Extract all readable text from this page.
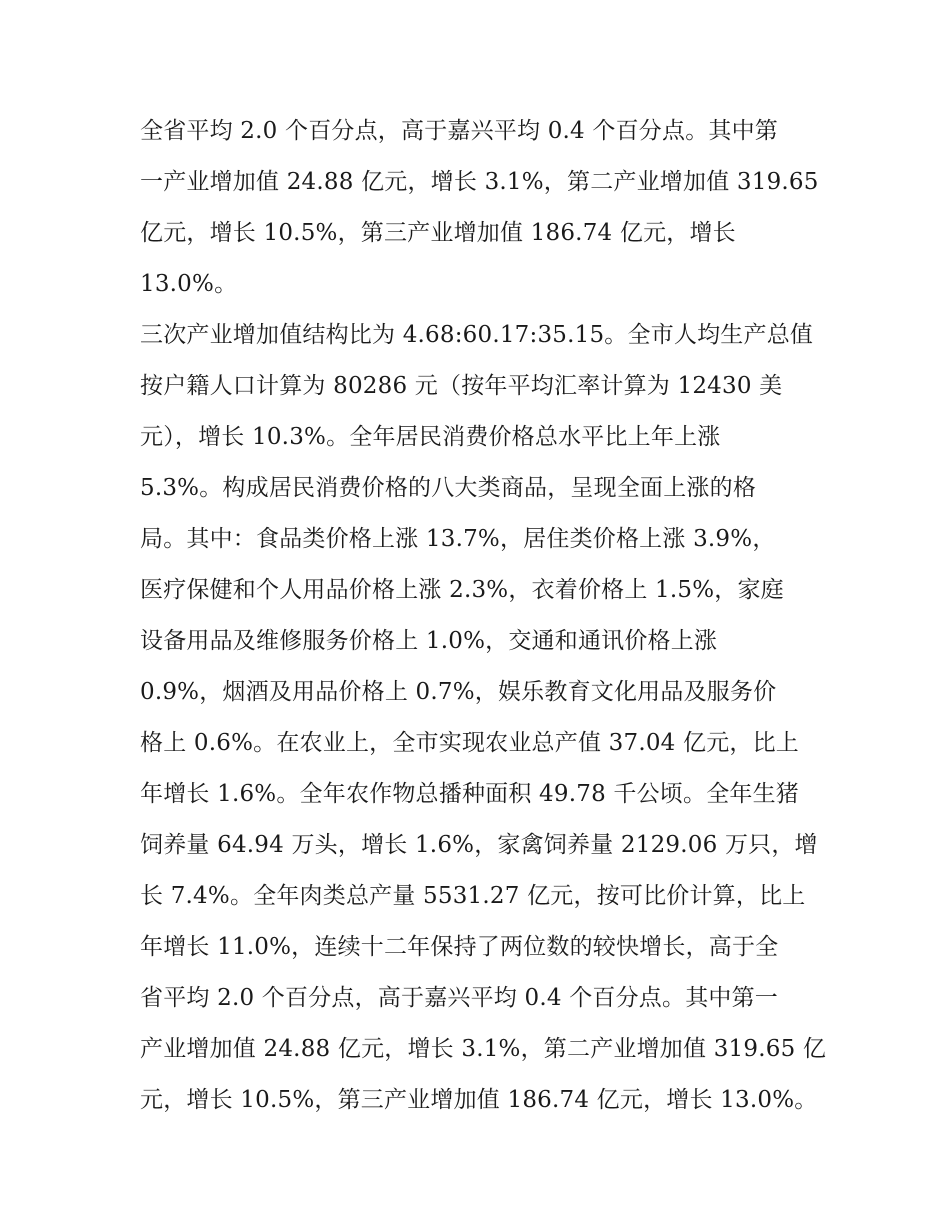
全省平均 2.0 个百分点，高于嘉兴平均 0.4 个百分点。其中第
一产业增加值 24.88 亿元，增长 3.1%，第二产业增加值 319.65
亿元，增长 10.5%，第三产业增加值 186.74 亿元，增长
13.0%。
三次产业增加值结构比为 4.68:60.17:35.15。全市人均生产总值
按户籍人口计算为 80286 元（按年平均汇率计算为 12430 美
元），增长 10.3%。全年居民消费价格总水平比上年上涨
5.3%。构成居民消费价格的八大类商品，呈现全面上涨的格
局。其中：食品类价格上涨 13.7%，居住类价格上涨 3.9%，
医疗保健和个人用品价格上涨 2.3%，衣着价格上 1.5%，家庭
设备用品及维修服务价格上 1.0%，交通和通讯价格上涨
0.9%，烟酒及用品价格上 0.7%，娱乐教育文化用品及服务价
格上 0.6%。在农业上，全市实现农业总产值 37.04 亿元，比上
年增长 1.6%。全年农作物总播种面积 49.78 千公顷。全年生猪
饲养量 64.94 万头，增长 1.6%，家禽饲养量 2129.06 万只，增
长 7.4%。全年肉类总产量 5531.27 亿元，按可比价计算，比上
年增长 11.0%，连续十二年保持了两位数的较快增长，高于全
省平均 2.0 个百分点，高于嘉兴平均 0.4 个百分点。其中第一
产业增加值 24.88 亿元，增长 3.1%，第二产业增加值 319.65 亿
元，增长 10.5%，第三产业增加值 186.74 亿元，增长 13.0%。
